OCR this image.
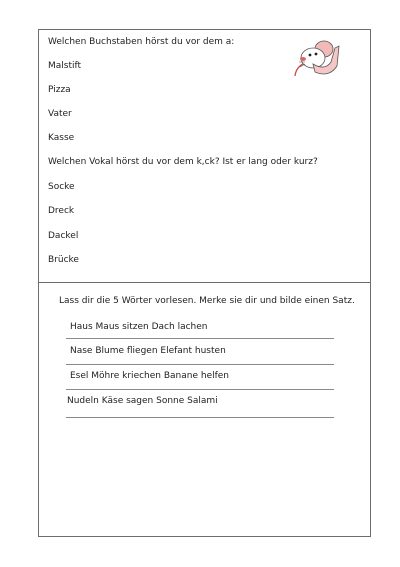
Welchen Buchstaben hörst du vor dem a:
Malstift
Pizza
Vater
Kasse
Welchen Vokal hörst du vor dem k,ck? Ist er lang oder kurz?
Socke
Dreck
Dackel
Brücke
Lass dir die 5 Wörter vorlesen. Merke sie dir und bilde einen Satz.
Haus Maus sitzen Dach lachen
Nase Blume fliegen Elefant husten
Esel Möhre kriechen Banane helfen
Nudeln Käse sagen Sonne Salami
